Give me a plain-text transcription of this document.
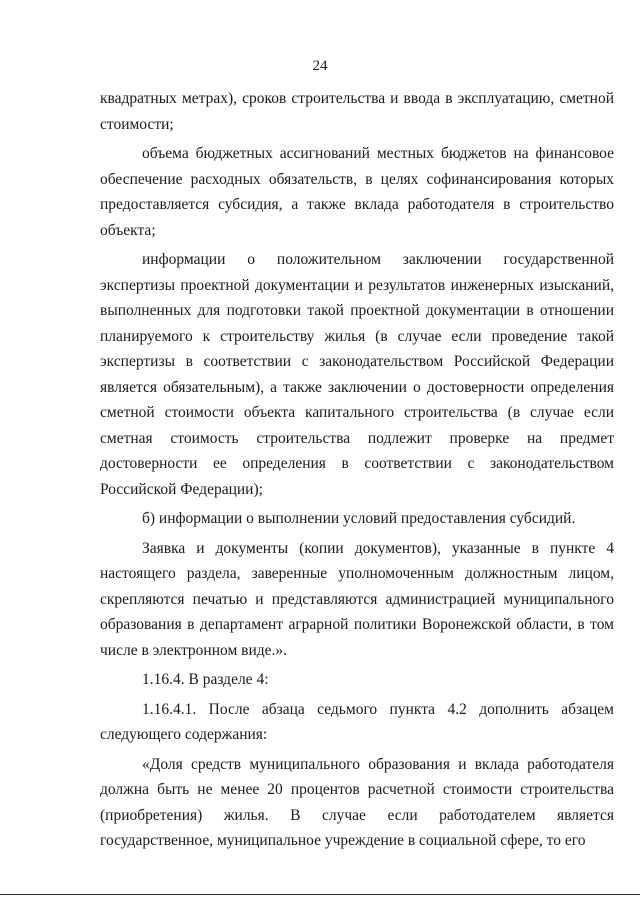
24

квадратных метрах), сроков строительства и ввода в эксплуатацию, сметной стоимости;

объема бюджетных ассигнований местных бюджетов на финансовое обеспечение расходных обязательств, в целях софинансирования которых предоставляется субсидия, а также вклада работодателя в строительство объекта;

информации о положительном заключении государственной экспертизы проектной документации и результатов инженерных изысканий, выполненных для подготовки такой проектной документации в отношении планируемого к строительству жилья (в случае если проведение такой экспертизы в соответствии с законодательством Российской Федерации является обязательным), а также заключении о достоверности определения сметной стоимости объекта капитального строительства (в случае если сметная стоимость строительства подлежит проверке на предмет достоверности ее определения в соответствии с законодательством Российской Федерации);

б) информации о выполнении условий предоставления субсидий.

Заявка и документы (копии документов), указанные в пункте 4 настоящего раздела, заверенные уполномоченным должностным лицом, скрепляются печатью и представляются администрацией муниципального образования в департамент аграрной политики Воронежской области, в том числе в электронном виде.».

1.16.4. В разделе 4:

1.16.4.1. После абзаца седьмого пункта 4.2 дополнить абзацем следующего содержания:

«Доля средств муниципального образования и вклада работодателя должна быть не менее 20 процентов расчетной стоимости строительства (приобретения) жилья. В случае если работодателем является государственное, муниципальное учреждение в социальной сфере, то его
